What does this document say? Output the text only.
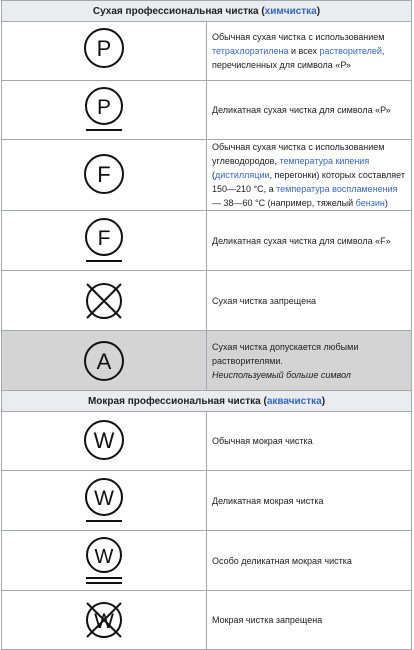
Сухая профессиональная чистка (химчистка)	

P	Обычная сухая чистка с использованием тетрахлорэтилена и всех растворителей, перечисленных для символа «Р»

P	Деликатная сухая чистка для символа «Р»

F	Обычная сухая чистка с использованием углеводородов, температура кипения (дистилляции, перегонки) которых составляет 150—210 °С, а температура воспламенения — 38—60 °С (например, тяжелый бензин)

F	Деликатная сухая чистка для символа «F»

	Сухая чистка запрещена

A	Сухая чистка допускается любыми растворителями.
Неиспользуемый больше символ
Мокрая профессиональная чистка (аквачистка)	

W	Обычная мокрая чистка

W	Деликатная мокрая чистка

W	Особо деликатная мокрая чистка

W	Мокрая чистка запрещена
